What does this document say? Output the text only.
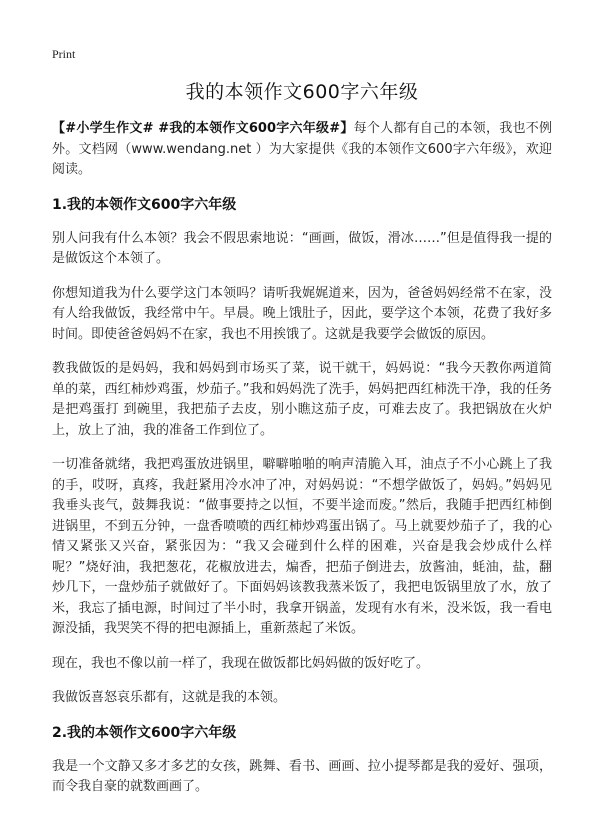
Print
我的本领作文600字六年级

【#小学生作文# #我的本领作文600字六年级#】每个人都有自己的本领，我也不例外。文档网（www.wendang.net ）为大家提供《我的本领作文600字六年级》，欢迎阅读。

1.我的本领作文600字六年级

别人问我有什么本领？我会不假思索地说：“画画，做饭，滑冰……”但是值得我一提的是做饭这个本领了。

你想知道我为什么要学这门本领吗？请听我娓娓道来，因为，爸爸妈妈经常不在家，没有人给我做饭，我经常中午。早晨。晚上饿肚子，因此，要学这个本领，花费了我好多时间。即使爸爸妈妈不在家，我也不用挨饿了。这就是我要学会做饭的原因。

教我做饭的是妈妈，我和妈妈到市场买了菜，说干就干，妈妈说：“我今天教你两道简单的菜，西红柿炒鸡蛋，炒茄子。”我和妈妈洗了洗手，妈妈把西红柿洗干净，我的任务是把鸡蛋打 到碗里，我把茄子去皮，别小瞧这茄子皮，可难去皮了。我把锅放在火炉上，放上了油，我的准备工作到位了。

一切准备就绪，我把鸡蛋放进锅里，噼噼啪啪的响声清脆入耳，油点子不小心跳上了我的手，哎呀，真疼，我赶紧用冷水冲了冲，对妈妈说：“不想学做饭了，妈妈。”妈妈见我垂头丧气，鼓舞我说：“做事要持之以恒，不要半途而废。”然后，我随手把西红柿倒进锅里，不到五分钟，一盘香喷喷的西红柿炒鸡蛋出锅了。马上就要炒茄子了，我的心情又紧张又兴奋，紧张因为：“我又会碰到什么样的困难，兴奋是我会炒成什么样呢？”烧好油，我把葱花，花椒放进去，煸香，把茄子倒进去，放酱油，蚝油，盐，翻炒几下，一盘炒茄子就做好了。下面妈妈该教我蒸米饭了，我把电饭锅里放了水，放了米，我忘了插电源，时间过了半小时，我拿开锅盖，发现有水有米，没米饭，我一看电源没插，我哭笑不得的把电源插上，重新蒸起了米饭。

现在，我也不像以前一样了，我现在做饭都比妈妈做的饭好吃了。

我做饭喜怒哀乐都有，这就是我的本领。

2.我的本领作文600字六年级

我是一个文静又多才多艺的女孩，跳舞、看书、画画、拉小提琴都是我的爱好、强项，而令我自豪的就数画画了。
